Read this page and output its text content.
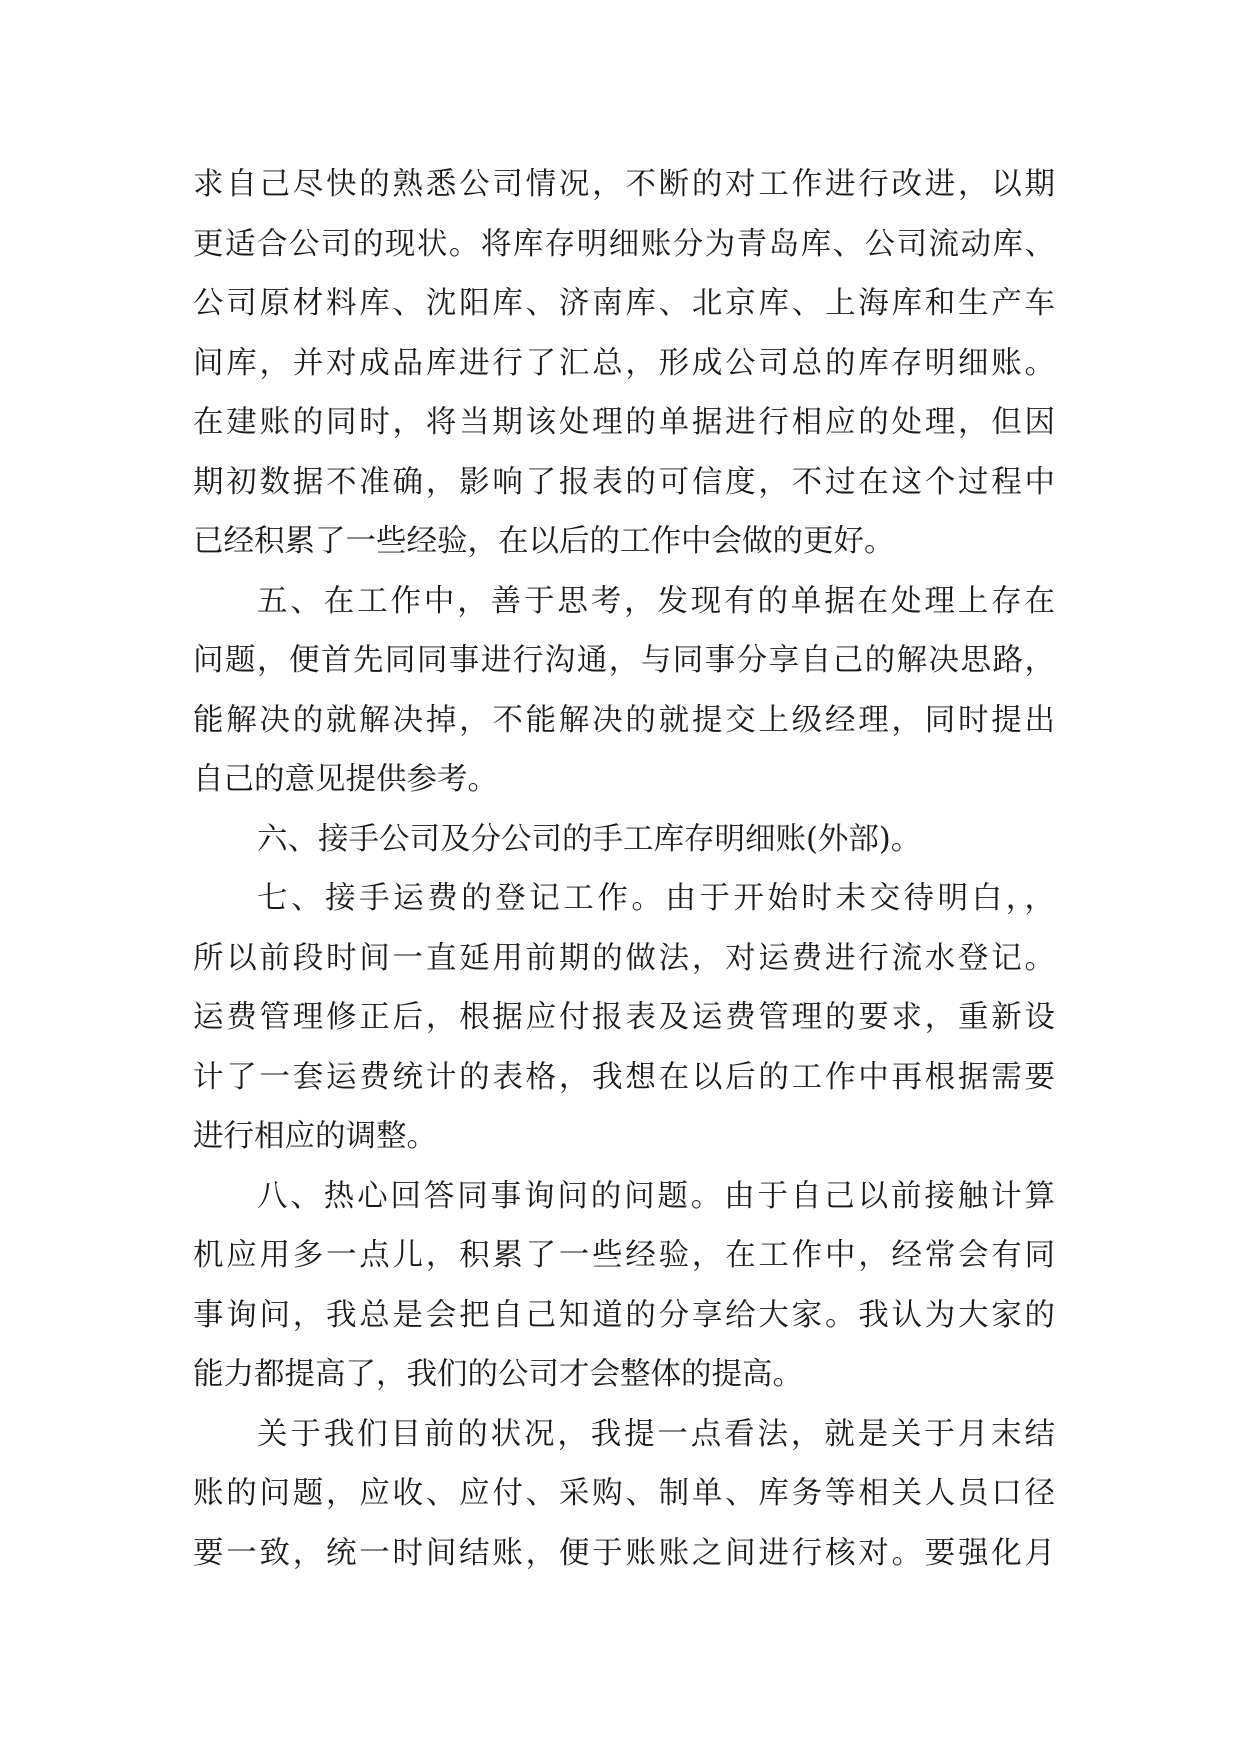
求自己尽快的熟悉公司情况，不断的对工作进行改进，以期
更适合公司的现状。将库存明细账分为青岛库、公司流动库、
公司原材料库、沈阳库、济南库、北京库、上海库和生产车
间库，并对成品库进行了汇总，形成公司总的库存明细账。
在建账的同时，将当期该处理的单据进行相应的处理，但因
期初数据不准确，影响了报表的可信度，不过在这个过程中
已经积累了一些经验，在以后的工作中会做的更好。
五、在工作中，善于思考，发现有的单据在处理上存在
问题，便首先同同事进行沟通，与同事分享自己的解决思路，
能解决的就解决掉，不能解决的就提交上级经理，同时提出
自己的意见提供参考。
六、接手公司及分公司的手工库存明细账(外部)。
七、接手运费的登记工作。由于开始时未交待明白，，
所以前段时间一直延用前期的做法，对运费进行流水登记。
运费管理修正后，根据应付报表及运费管理的要求，重新设
计了一套运费统计的表格，我想在以后的工作中再根据需要
进行相应的调整。
八、热心回答同事询问的问题。由于自己以前接触计算
机应用多一点儿，积累了一些经验，在工作中，经常会有同
事询问，我总是会把自己知道的分享给大家。我认为大家的
能力都提高了，我们的公司才会整体的提高。
关于我们目前的状况，我提一点看法，就是关于月末结
账的问题，应收、应付、采购、制单、库务等相关人员口径
要一致，统一时间结账，便于账账之间进行核对。要强化月
